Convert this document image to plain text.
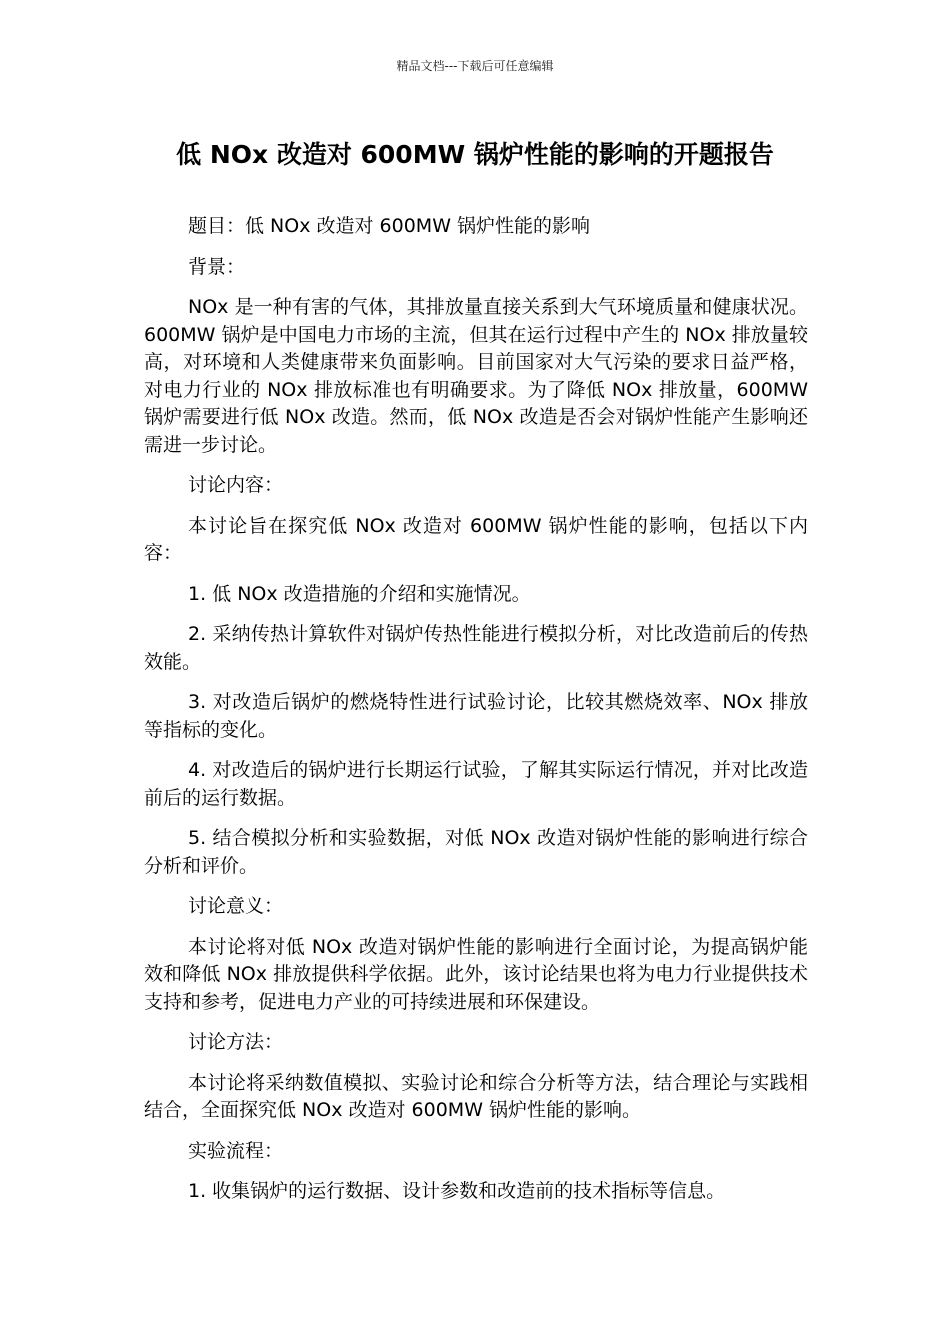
精品文档---下载后可任意编辑
低 NOx 改造对 600MW 锅炉性能的影响的开题报告

题目：低 NOx 改造对 600MW 锅炉性能的影响

背景：

NOx 是一种有害的气体，其排放量直接关系到大气环境质量和健康状况。600MW 锅炉是中国电力市场的主流，但其在运行过程中产生的 NOx 排放量较高，对环境和人类健康带来负面影响。目前国家对大气污染的要求日益严格，对电力行业的 NOx 排放标准也有明确要求。为了降低 NOx 排放量，600MW 锅炉需要进行低 NOx 改造。然而，低 NOx 改造是否会对锅炉性能产生影响还需进一步讨论。

讨论内容：

本讨论旨在探究低 NOx 改造对 600MW 锅炉性能的影响，包括以下内容：

1. 低 NOx 改造措施的介绍和实施情况。

2. 采纳传热计算软件对锅炉传热性能进行模拟分析，对比改造前后的传热效能。

3. 对改造后锅炉的燃烧特性进行试验讨论，比较其燃烧效率、NOx 排放等指标的变化。

4. 对改造后的锅炉进行长期运行试验，了解其实际运行情况，并对比改造前后的运行数据。

5. 结合模拟分析和实验数据，对低 NOx 改造对锅炉性能的影响进行综合分析和评价。

讨论意义：

本讨论将对低 NOx 改造对锅炉性能的影响进行全面讨论，为提高锅炉能效和降低 NOx 排放提供科学依据。此外，该讨论结果也将为电力行业提供技术支持和参考，促进电力产业的可持续进展和环保建设。

讨论方法：

本讨论将采纳数值模拟、实验讨论和综合分析等方法，结合理论与实践相结合，全面探究低 NOx 改造对 600MW 锅炉性能的影响。

实验流程：

1. 收集锅炉的运行数据、设计参数和改造前的技术指标等信息。
